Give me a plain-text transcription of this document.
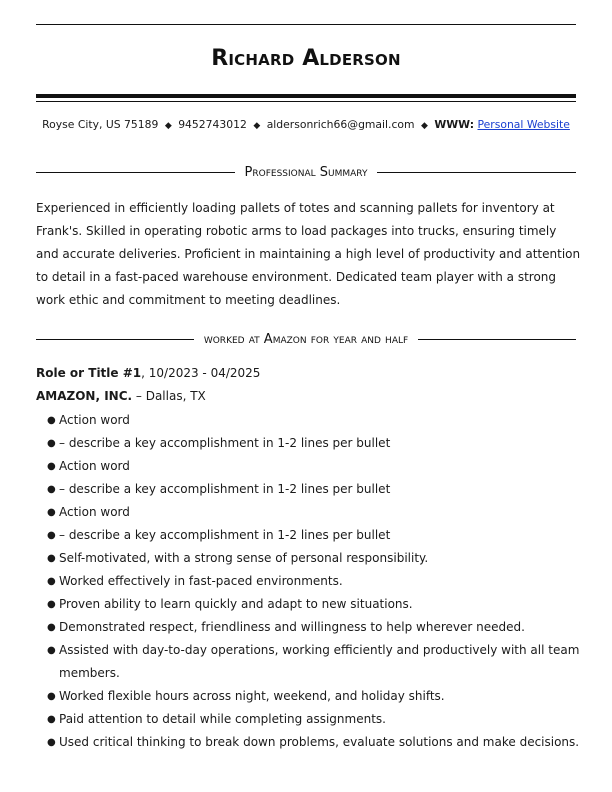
Richard Alderson
Royse City, US 75189 ◆ 9452743012 ◆ aldersonrich66@gmail.com ◆ WWW: Personal Website
Professional Summary

Experienced in efficiently loading pallets of totes and scanning pallets for inventory at Frank's. Skilled in operating robotic arms to load packages into trucks, ensuring timely and accurate deliveries. Proficient in maintaining a high level of productivity and attention to detail in a fast-paced warehouse environment. Dedicated team player with a strong work ethic and commitment to meeting deadlines.

worked at Amazon for year and half
Role or Title #1, 10/2023 - 04/2025
AMAZON, INC. – Dallas, TX
● Action word
● – describe a key accomplishment in 1-2 lines per bullet
● Action word
● – describe a key accomplishment in 1-2 lines per bullet
● Action word
● – describe a key accomplishment in 1-2 lines per bullet
● Self-motivated, with a strong sense of personal responsibility.
● Worked effectively in fast-paced environments.
● Proven ability to learn quickly and adapt to new situations.
● Demonstrated respect, friendliness and willingness to help wherever needed.
● Assisted with day-to-day operations, working efficiently and productively with all team members.
● Worked flexible hours across night, weekend, and holiday shifts.
● Paid attention to detail while completing assignments.
● Used critical thinking to break down problems, evaluate solutions and make decisions.
